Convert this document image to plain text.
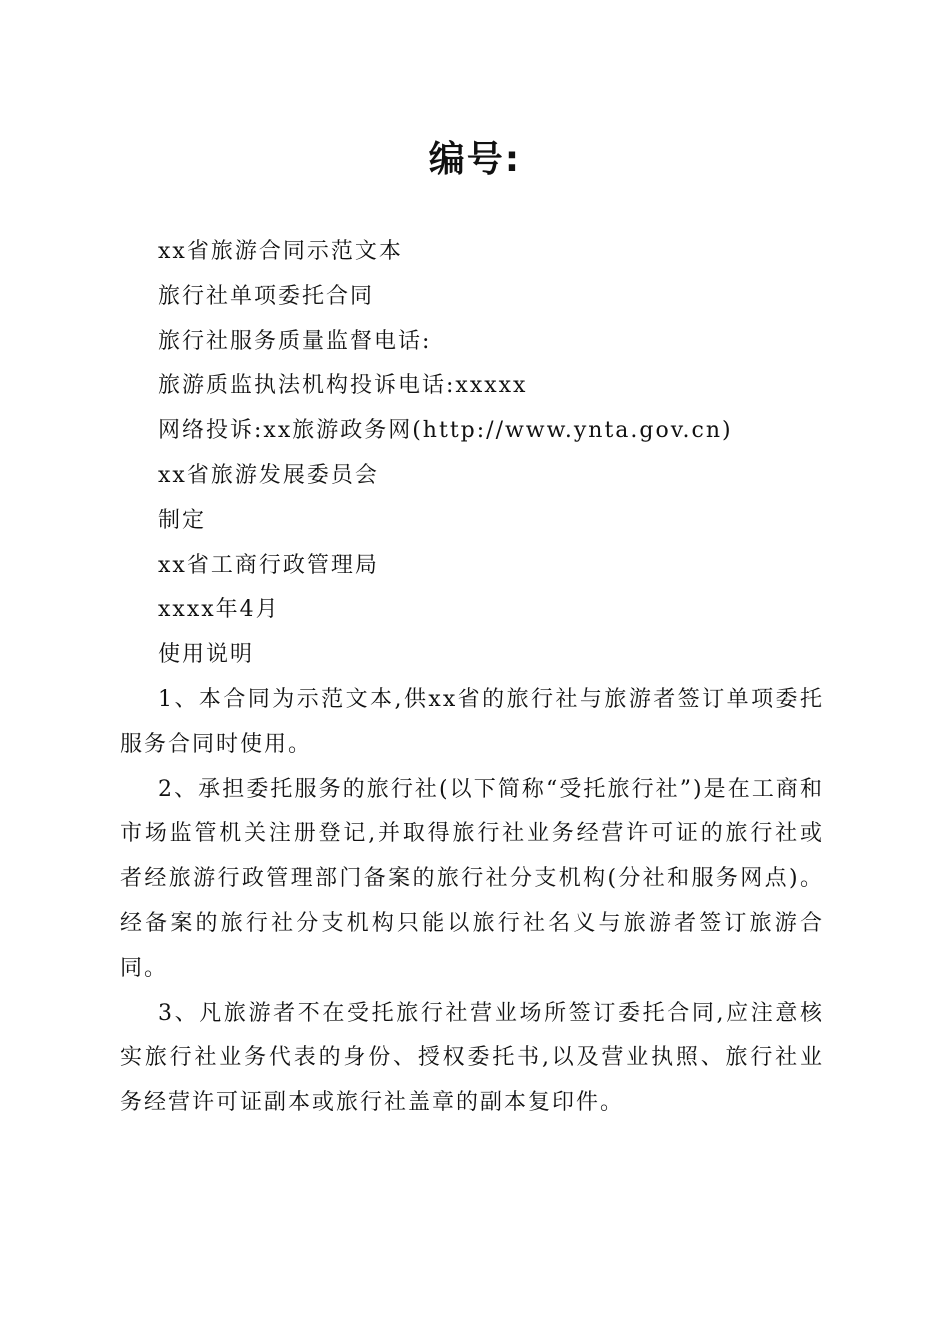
编号:
xx省旅游合同示范文本
旅行社单项委托合同
旅行社服务质量监督电话:
旅游质监执法机构投诉电话:xxxxx
网络投诉:xx旅游政务网(http://www.ynta.gov.cn)
xx省旅游发展委员会
制定
xx省工商行政管理局
xxxx年4月
使用说明

1、本合同为示范文本,供xx省的旅行社与旅游者签订单项委托服务合同时使用。

2、承担委托服务的旅行社(以下简称“受托旅行社”)是在工商和市场监管机关注册登记,并取得旅行社业务经营许可证的旅行社或者经旅游行政管理部门备案的旅行社分支机构(分社和服务网点)。经备案的旅行社分支机构只能以旅行社名义与旅游者签订旅游合同。

3、凡旅游者不在受托旅行社营业场所签订委托合同,应注意核实旅行社业务代表的身份、授权委托书,以及营业执照、旅行社业务经营许可证副本或旅行社盖章的副本复印件。
